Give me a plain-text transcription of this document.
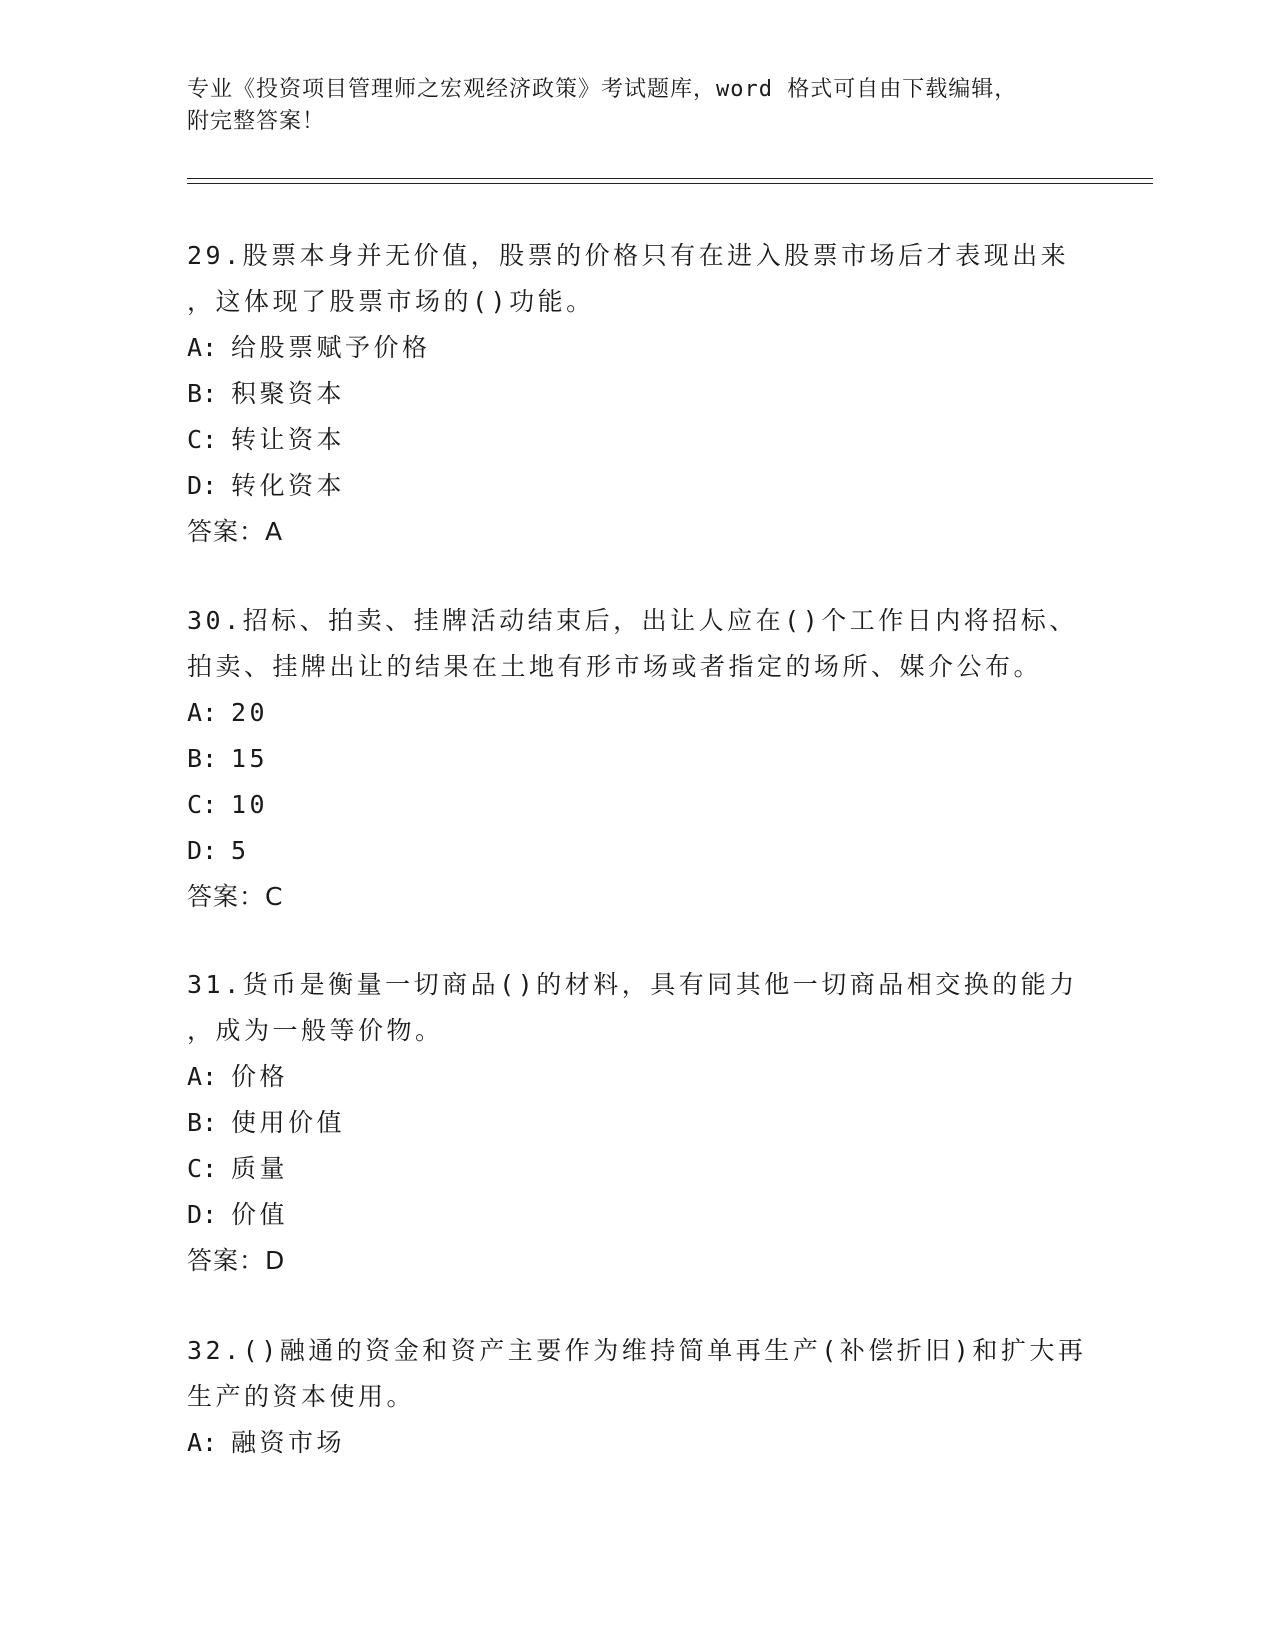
专业《投资项目管理师之宏观经济政策》考试题库，word 格式可自由下载编辑，
附完整答案！

29.股票本身并无价值，股票的价格只有在进入股票市场后才表现出来

，这体现了股票市场的()功能。

A: 给股票赋予价格

B: 积聚资本

C: 转让资本

D: 转化资本

答案：A

30.招标、拍卖、挂牌活动结束后，出让人应在()个工作日内将招标、

拍卖、挂牌出让的结果在土地有形市场或者指定的场所、媒介公布。

A: 20

B: 15

C: 10

D: 5

答案：C

31.货币是衡量一切商品()的材料，具有同其他一切商品相交换的能力

，成为一般等价物。

A: 价格

B: 使用价值

C: 质量

D: 价值

答案：D

32.()融通的资金和资产主要作为维持简单再生产(补偿折旧)和扩大再

生产的资本使用。

A: 融资市场
